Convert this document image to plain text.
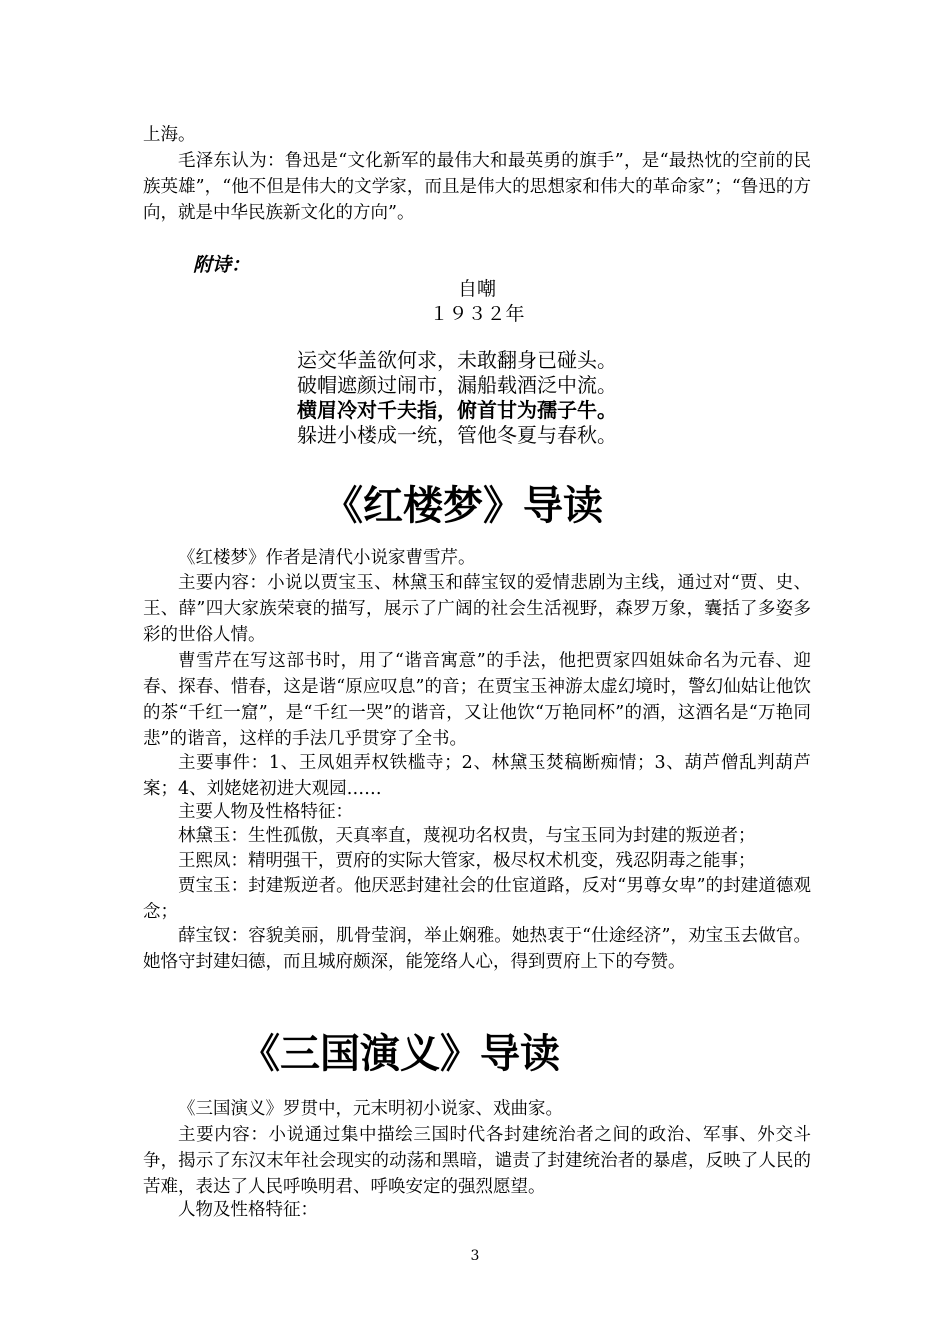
上海。

毛泽东认为：鲁迅是“文化新军的最伟大和最英勇的旗手”，是“最热忱的空前的民族英雄”，“他不但是伟大的文学家，而且是伟大的思想家和伟大的革命家”；“鲁迅的方向，就是中华民族新文化的方向”。

附诗：
自嘲
１９３２年
运交华盖欲何求，未敢翻身已碰头。
破帽遮颜过闹市，漏船载酒泛中流。
横眉冷对千夫指，俯首甘为孺子牛。
躲进小楼成一统，管他冬夏与春秋。
《红楼梦》导读

《红楼梦》作者是清代小说家曹雪芹。

主要内容：小说以贾宝玉、林黛玉和薛宝钗的爱情悲剧为主线，通过对“贾、史、王、薛”四大家族荣衰的描写，展示了广阔的社会生活视野，森罗万象，囊括了多姿多彩的世俗人情。

曹雪芹在写这部书时，用了“谐音寓意”的手法，他把贾家四姐妹命名为元春、迎春、探春、惜春，这是谐“原应叹息”的音；在贾宝玉神游太虚幻境时，警幻仙姑让他饮的茶“千红一窟”，是“千红一哭”的谐音，又让他饮“万艳同杯”的酒，这酒名是“万艳同悲”的谐音，这样的手法几乎贯穿了全书。

主要事件：1、王凤姐弄权铁槛寺；2、林黛玉焚稿断痴情；3、葫芦僧乱判葫芦案；4、刘姥姥初进大观园……

主要人物及性格特征：

林黛玉：生性孤傲，天真率直，蔑视功名权贵，与宝玉同为封建的叛逆者；

王熙凤：精明强干，贾府的实际大管家，极尽权术机变，残忍阴毒之能事；

贾宝玉：封建叛逆者。他厌恶封建社会的仕宦道路，反对“男尊女卑”的封建道德观念；

薛宝钗：容貌美丽，肌骨莹润，举止娴雅。她热衷于“仕途经济”，劝宝玉去做官。她恪守封建妇德，而且城府颇深，能笼络人心，得到贾府上下的夸赞。

《三国演义》导读

《三国演义》罗贯中，元末明初小说家、戏曲家。

主要内容：小说通过集中描绘三国时代各封建统治者之间的政治、军事、外交斗争，揭示了东汉末年社会现实的动荡和黑暗，谴责了封建统治者的暴虐，反映了人民的苦难，表达了人民呼唤明君、呼唤安定的强烈愿望。

人物及性格特征：

3
